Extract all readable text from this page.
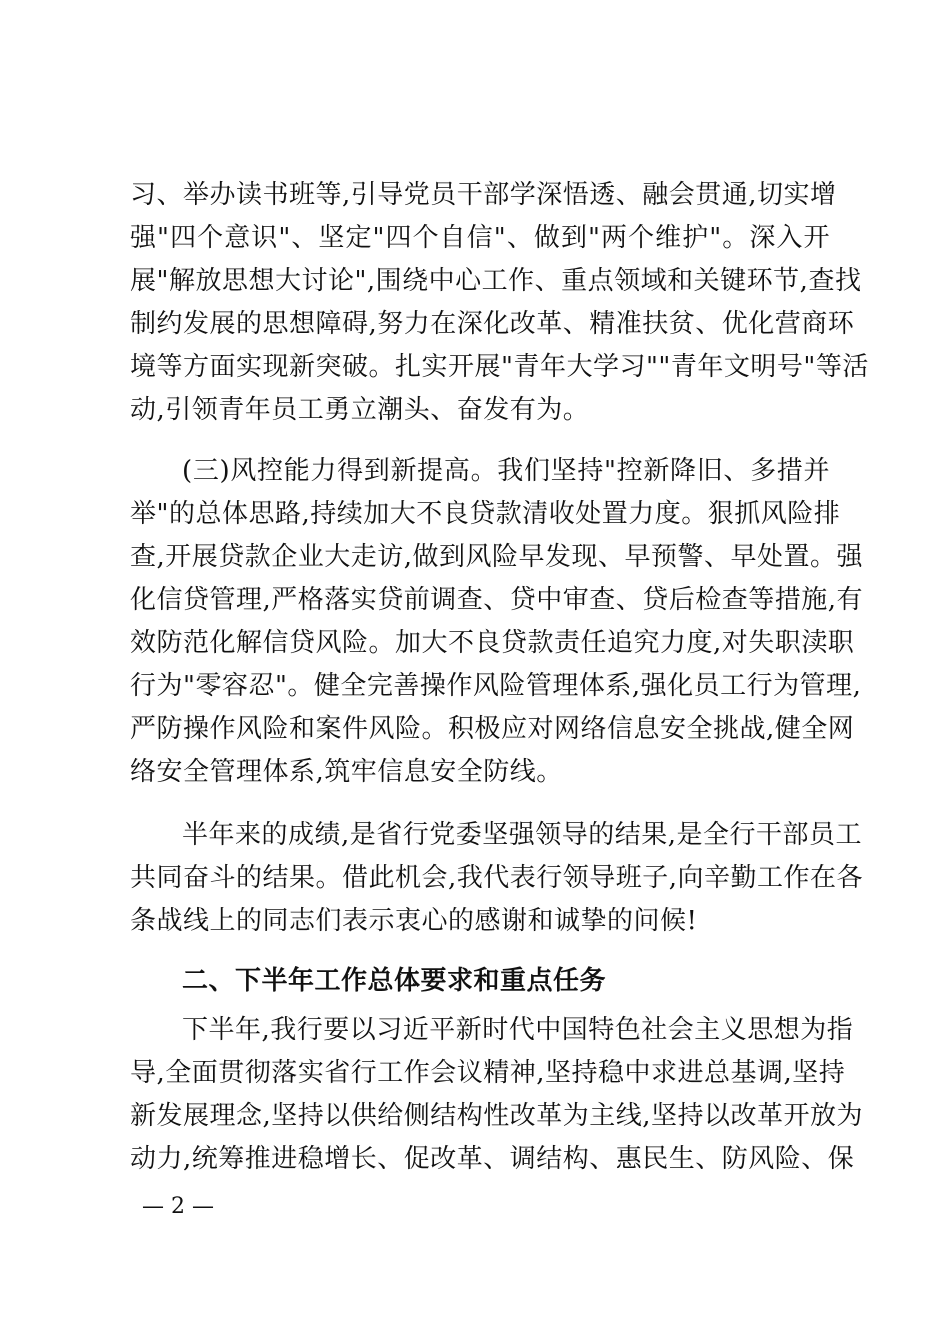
习、举办读书班等,引导党员干部学深悟透、融会贯通,切实增
强"四个意识"、坚定"四个自信"、做到"两个维护"。深入开
展"解放思想大讨论",围绕中心工作、重点领域和关键环节,查找
制约发展的思想障碍,努力在深化改革、精准扶贫、优化营商环
境等方面实现新突破。扎实开展"青年大学习""青年文明号"等活
动,引领青年员工勇立潮头、奋发有为。
(三)风控能力得到新提高。我们坚持"控新降旧、多措并
举"的总体思路,持续加大不良贷款清收处置力度。狠抓风险排
查,开展贷款企业大走访,做到风险早发现、早预警、早处置。强
化信贷管理,严格落实贷前调查、贷中审查、贷后检查等措施,有
效防范化解信贷风险。加大不良贷款责任追究力度,对失职渎职
行为"零容忍"。健全完善操作风险管理体系,强化员工行为管理,
严防操作风险和案件风险。积极应对网络信息安全挑战,健全网
络安全管理体系,筑牢信息安全防线。
半年来的成绩,是省行党委坚强领导的结果,是全行干部员工
共同奋斗的结果。借此机会,我代表行领导班子,向辛勤工作在各
条战线上的同志们表示衷心的感谢和诚挚的问候!
二、下半年工作总体要求和重点任务
下半年,我行要以习近平新时代中国特色社会主义思想为指
导,全面贯彻落实省行工作会议精神,坚持稳中求进总基调,坚持
新发展理念,坚持以供给侧结构性改革为主线,坚持以改革开放为
动力,统筹推进稳增长、促改革、调结构、惠民生、防风险、保
— 2 —
